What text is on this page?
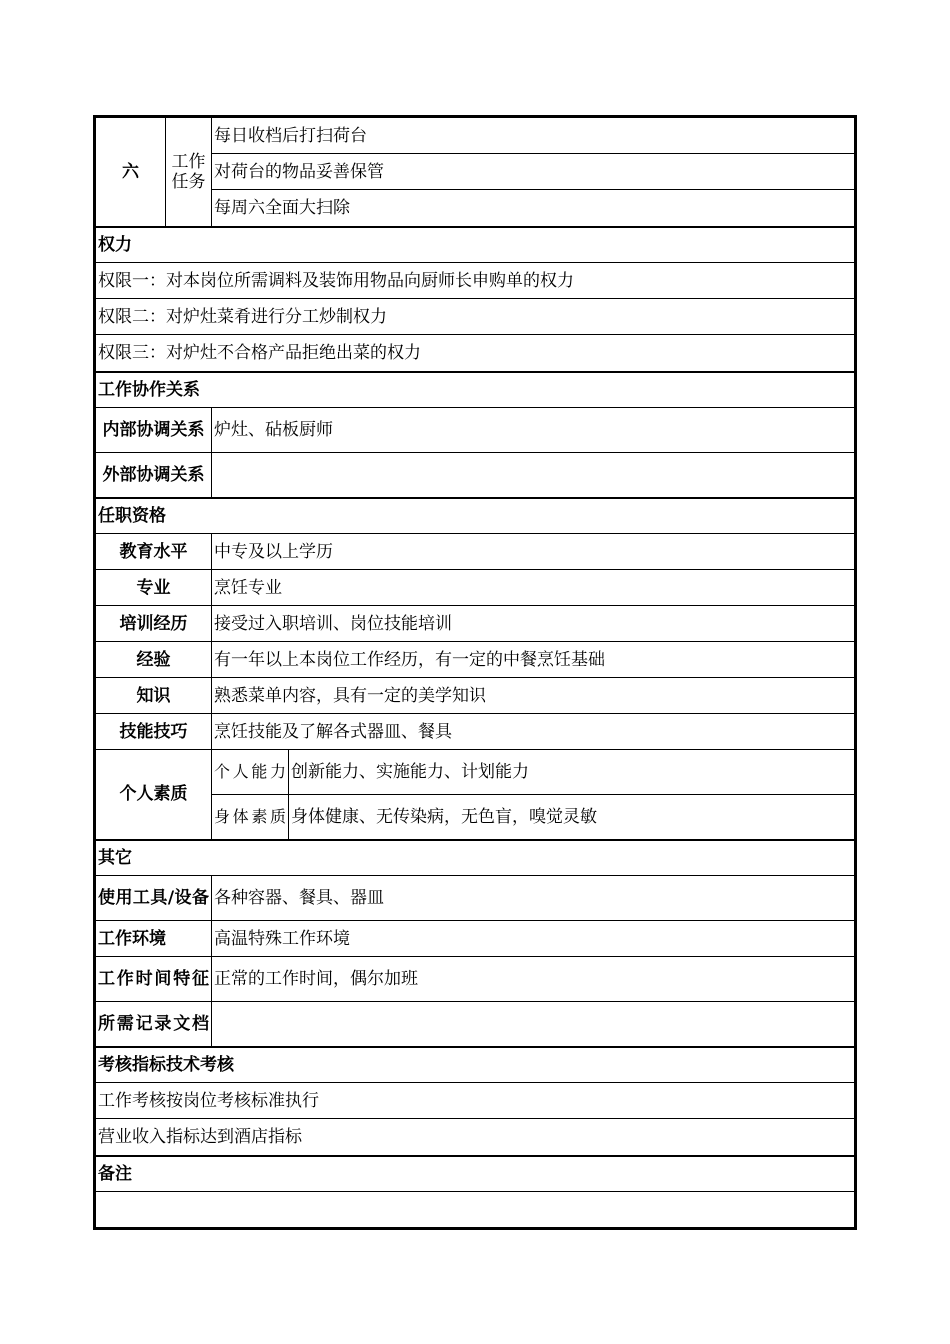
六	工作任务	每日收档后打扫荷台	
		对荷台的物品妥善保管	
		每周六全面大扫除	
权力			
权限一：对本岗位所需调料及装饰用物品向厨师长申购单的权力			
权限二：对炉灶菜肴进行分工炒制权力			
权限三：对炉灶不合格产品拒绝出菜的权力			
工作协作关系			
内部协调关系		炉灶、砧板厨师	
外部协调关系			
任职资格			
教育水平		中专及以上学历	
专业		烹饪专业	
培训经历		接受过入职培训、岗位技能培训	
经验		有一年以上本岗位工作经历，有一定的中餐烹饪基础	
知识		熟悉菜单内容，具有一定的美学知识	
技能技巧		烹饪技能及了解各式器皿、餐具	
个人素质		个人能力	创新能力、实施能力、计划能力
		身体素质	身体健康、无传染病，无色盲，嗅觉灵敏
其它			
使用工具/设备		各种容器、餐具、器皿	
工作环境		高温特殊工作环境	
工作时间特征		正常的工作时间，偶尔加班	
所需记录文档			
考核指标技术考核			
工作考核按岗位考核标准执行			
营业收入指标达到酒店指标			
备注			
